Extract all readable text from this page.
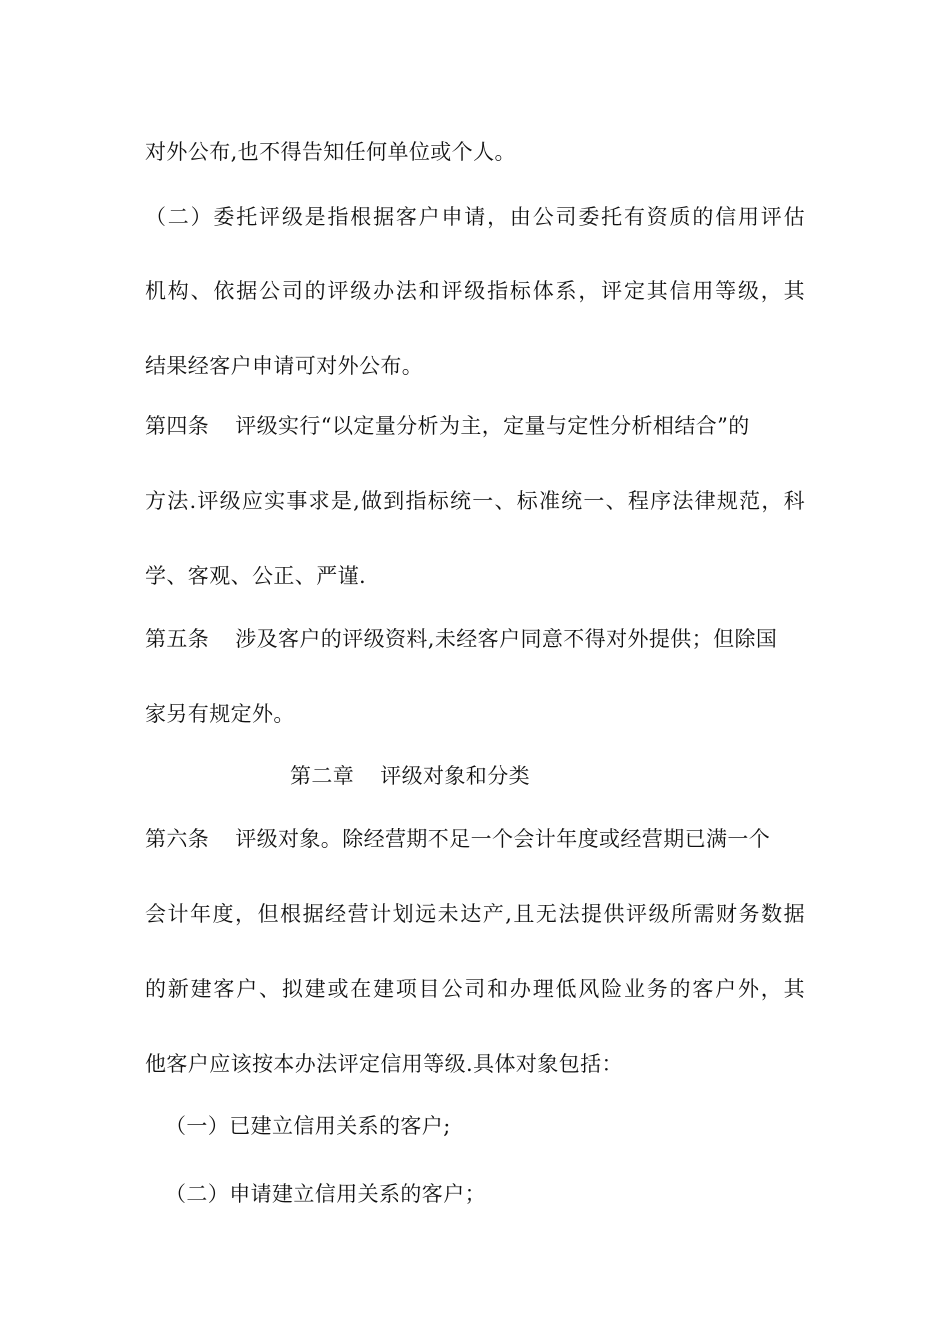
对外公布,也不得告知任何单位或个人。
（二）委托评级是指根据客户申请，由公司委托有资质的信用评估
机构、依据公司的评级办法和评级指标体系，评定其信用等级，其
结果经客户申请可对外公布。
第四条 评级实行“以定量分析为主，定量与定性分析相结合”的
方法.评级应实事求是,做到指标统一、标准统一、程序法律规范，科
学、客观、公正、严谨.
第五条 涉及客户的评级资料,未经客户同意不得对外提供；但除国
家另有规定外。
第二章 评级对象和分类
第六条 评级对象。除经营期不足一个会计年度或经营期已满一个
会计年度，但根据经营计划远未达产,且无法提供评级所需财务数据
的新建客户、拟建或在建项目公司和办理低风险业务的客户外，其
他客户应该按本办法评定信用等级.具体对象包括：
（一）已建立信用关系的客户;
（二）申请建立信用关系的客户；
